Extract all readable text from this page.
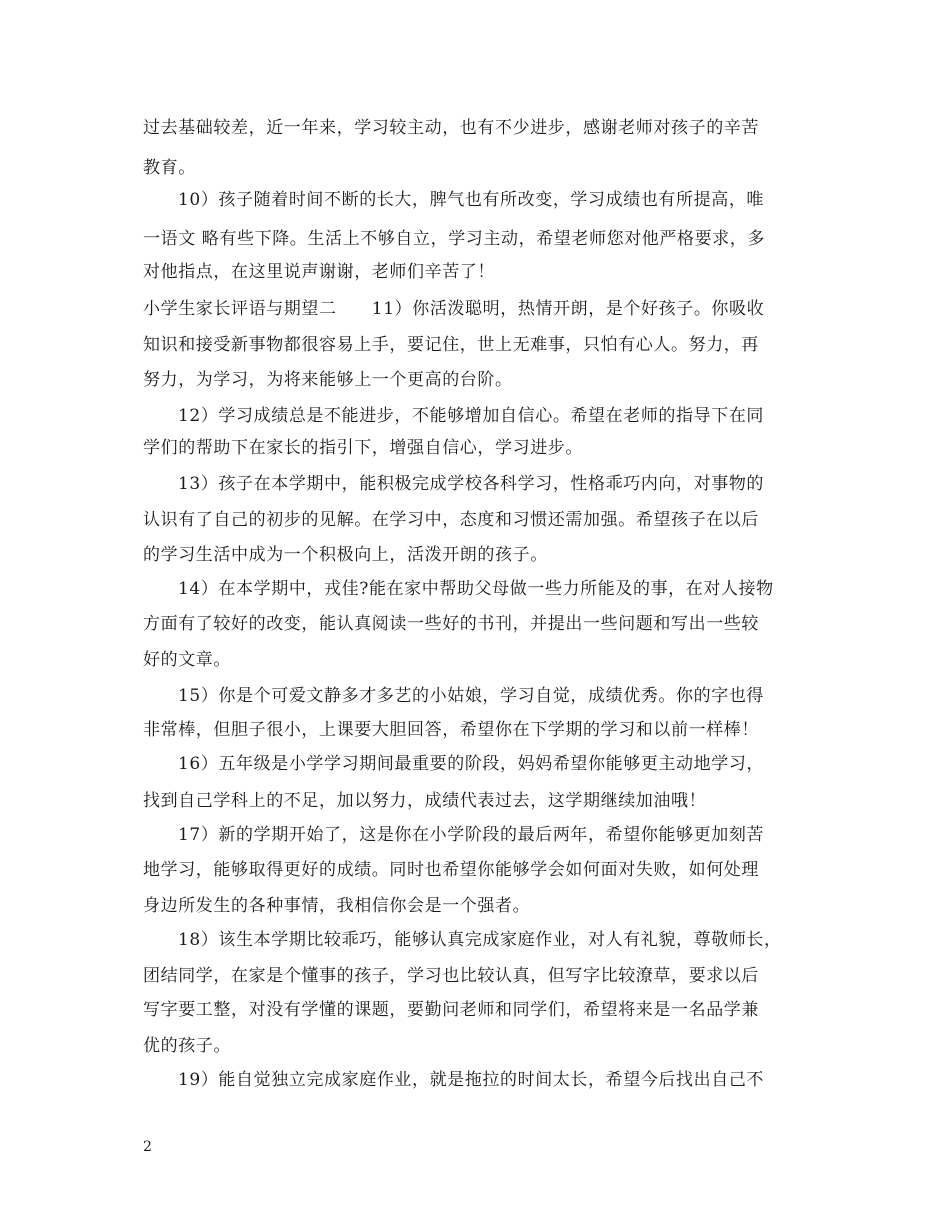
过去基础较差，近一年来，学习较主动，也有不少进步，感谢老师对孩子的辛苦
教育。
10）孩子随着时间不断的长大，脾气也有所改变，学习成绩也有所提高，唯
一语文 略有些下降。生活上不够自立，学习主动，希望老师您对他严格要求，多
对他指点，在这里说声谢谢，老师们辛苦了！
小学生家长评语与期望二　　11）你活泼聪明，热情开朗，是个好孩子。你吸收
知识和接受新事物都很容易上手，要记住，世上无难事，只怕有心人。努力，再
努力，为学习，为将来能够上一个更高的台阶。
12）学习成绩总是不能进步，不能够增加自信心。希望在老师的指导下在同
学们的帮助下在家长的指引下，增强自信心，学习进步。
13）孩子在本学期中，能积极完成学校各科学习，性格乖巧内向，对事物的
认识有了自己的初步的见解。在学习中，态度和习惯还需加强。希望孩子在以后
的学习生活中成为一个积极向上，活泼开朗的孩子。
14）在本学期中，戎佳?能在家中帮助父母做一些力所能及的事，在对人接物
方面有了较好的改变，能认真阅读一些好的书刊，并提出一些问题和写出一些较
好的文章。
15）你是个可爱文静多才多艺的小姑娘，学习自觉，成绩优秀。你的字也得
非常棒，但胆子很小，上课要大胆回答，希望你在下学期的学习和以前一样棒！
16）五年级是小学学习期间最重要的阶段，妈妈希望你能够更主动地学习，
找到自己学科上的不足，加以努力，成绩代表过去，这学期继续加油哦！
17）新的学期开始了，这是你在小学阶段的最后两年，希望你能够更加刻苦
地学习，能够取得更好的成绩。同时也希望你能够学会如何面对失败，如何处理
身边所发生的各种事情，我相信你会是一个强者。
18）该生本学期比较乖巧，能够认真完成家庭作业，对人有礼貌，尊敬师长，
团结同学，在家是个懂事的孩子，学习也比较认真，但写字比较潦草，要求以后
写字要工整，对没有学懂的课题，要勤问老师和同学们，希望将来是一名品学兼
优的孩子。
19）能自觉独立完成家庭作业，就是拖拉的时间太长，希望今后找出自己不
2
